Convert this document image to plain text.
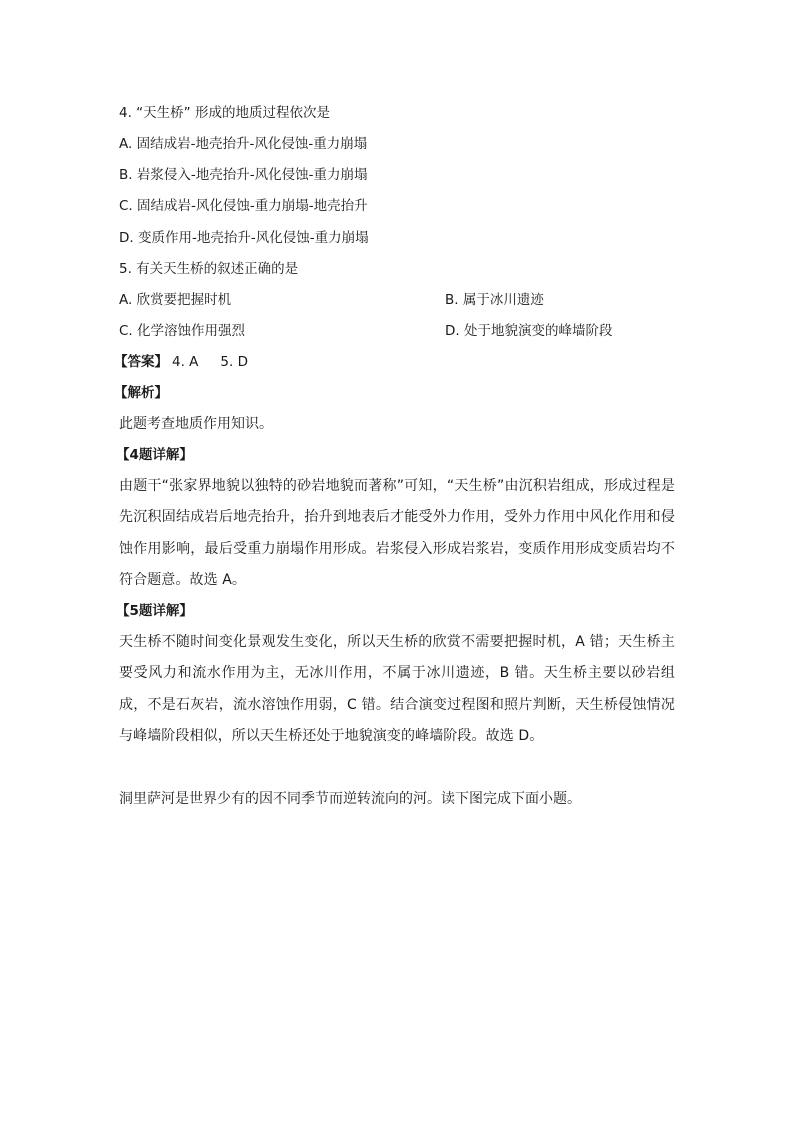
4. “天生桥” 形成的地质过程依次是
A. 固结成岩-地壳抬升-风化侵蚀-重力崩塌
B. 岩浆侵入-地壳抬升-风化侵蚀-重力崩塌
C. 固结成岩-风化侵蚀-重力崩塌-地壳抬升
D. 变质作用-地壳抬升-风化侵蚀-重力崩塌
5. 有关天生桥的叙述正确的是
A. 欣赏要把握时机	B. 属于冰川遗迹
C. 化学溶蚀作用强烈	D. 处于地貌演变的峰墙阶段
【答案】 4. A 5. D
【解析】
此题考查地质作用知识。
【4题详解】
由题干“张家界地貌以独特的砂岩地貌而著称”可知，“天生桥”由沉积岩组成，形成过程是先沉积固结成岩后地壳抬升，抬升到地表后才能受外力作用，受外力作用中风化作用和侵蚀作用影响，最后受重力崩塌作用形成。岩浆侵入形成岩浆岩，变质作用形成变质岩均不符合题意。故选 A。
【5题详解】
天生桥不随时间变化景观发生变化，所以天生桥的欣赏不需要把握时机，A 错；天生桥主要受风力和流水作用为主，无冰川作用，不属于冰川遗迹，B 错。天生桥主要以砂岩组成，不是石灰岩，流水溶蚀作用弱，C 错。结合演变过程图和照片判断，天生桥侵蚀情况与峰墙阶段相似，所以天生桥还处于地貌演变的峰墙阶段。故选 D。
洞里萨河是世界少有的因不同季节而逆转流向的河。读下图完成下面小题。
